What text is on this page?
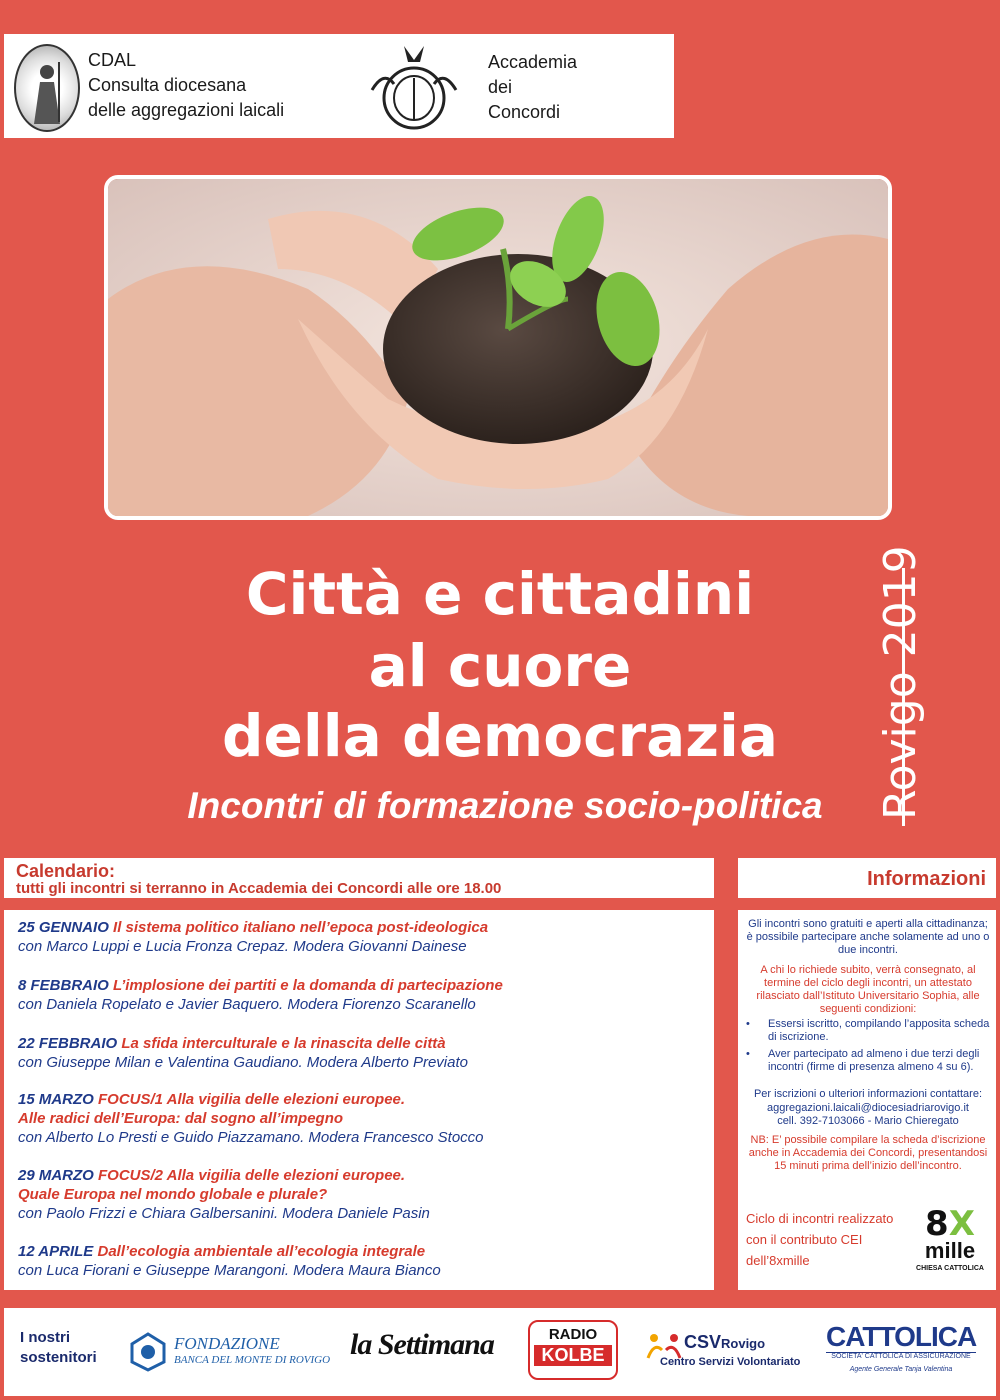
CDAL
Consulta diocesana
delle aggregazioni laicali
Accademia
dei
Concordi
Città e cittadini
al cuore
della democrazia
Incontri di formazione socio-politica	Rovigo 2019
Calendario:
tutti gli incontri si terranno in Accademia dei Concordi alle ore 18.00
25 GENNAIO Il sistema politico italiano nell’epoca post-ideologica
con Marco Luppi e Lucia Fronza Crepaz. Modera Giovanni Dainese
8 FEBBRAIO L’implosione dei partiti e la domanda di partecipazione
con Daniela Ropelato e Javier Baquero. Modera Fiorenzo Scaranello
22 FEBBRAIO La sfida interculturale e la rinascita delle città
con Giuseppe Milan e Valentina Gaudiano. Modera Alberto Previato
15 MARZO FOCUS/1 Alla vigilia delle elezioni europee.
Alle radici dell’Europa: dal sogno all’impegno
con Alberto Lo Presti e Guido Piazzamano. Modera Francesco Stocco
29 MARZO FOCUS/2 Alla vigilia delle elezioni europee.
Quale Europa nel mondo globale e plurale?
con Paolo Frizzi e Chiara Galbersanini. Modera Daniele Pasin
12 APRILE Dall’ecologia ambientale all’ecologia integrale
con Luca Fiorani e Giuseppe Marangoni. Modera Maura Bianco
Informazioni
Gli incontri sono gratuiti e aperti alla cittadinanza; è possibile partecipare anche solamente ad uno o due incontri.
A chi lo richiede subito, verrà consegnato, al termine del ciclo degli incontri, un attestato rilasciato dall’Istituto Universitario Sophia, alle seguenti condizioni:
• Essersi iscritto, compilando l’apposita scheda di iscrizione.
• Aver partecipato ad almeno i due terzi degli incontri (firme di presenza almeno 4 su 6).
Per iscrizioni o ulteriori informazioni contattare:
aggregazioni.laicali@diocesiadriarovigo.it
cell. 392-7103066 - Mario Chieregato
NB: E’ possibile compilare la scheda d’iscrizione anche in Accademia dei Concordi, presentandosi 15 minuti prima dell’inizio dell’incontro.
Ciclo di incontri realizzato
con il contributo CEI
dell’8xmille
8X
mille
CHIESA CATTOLICA
I nostri
sostenitori
FONDAZIONE
BANCA DEL MONTE DI ROVIGO la Settimana	RADIO
KOLBE
CSVRovigo
Centro Servizi Volontariato
CATTOLICA
SOCIETA' CATTOLICA DI ASSICURAZIONE
Agente Generale Tanja Valentina
